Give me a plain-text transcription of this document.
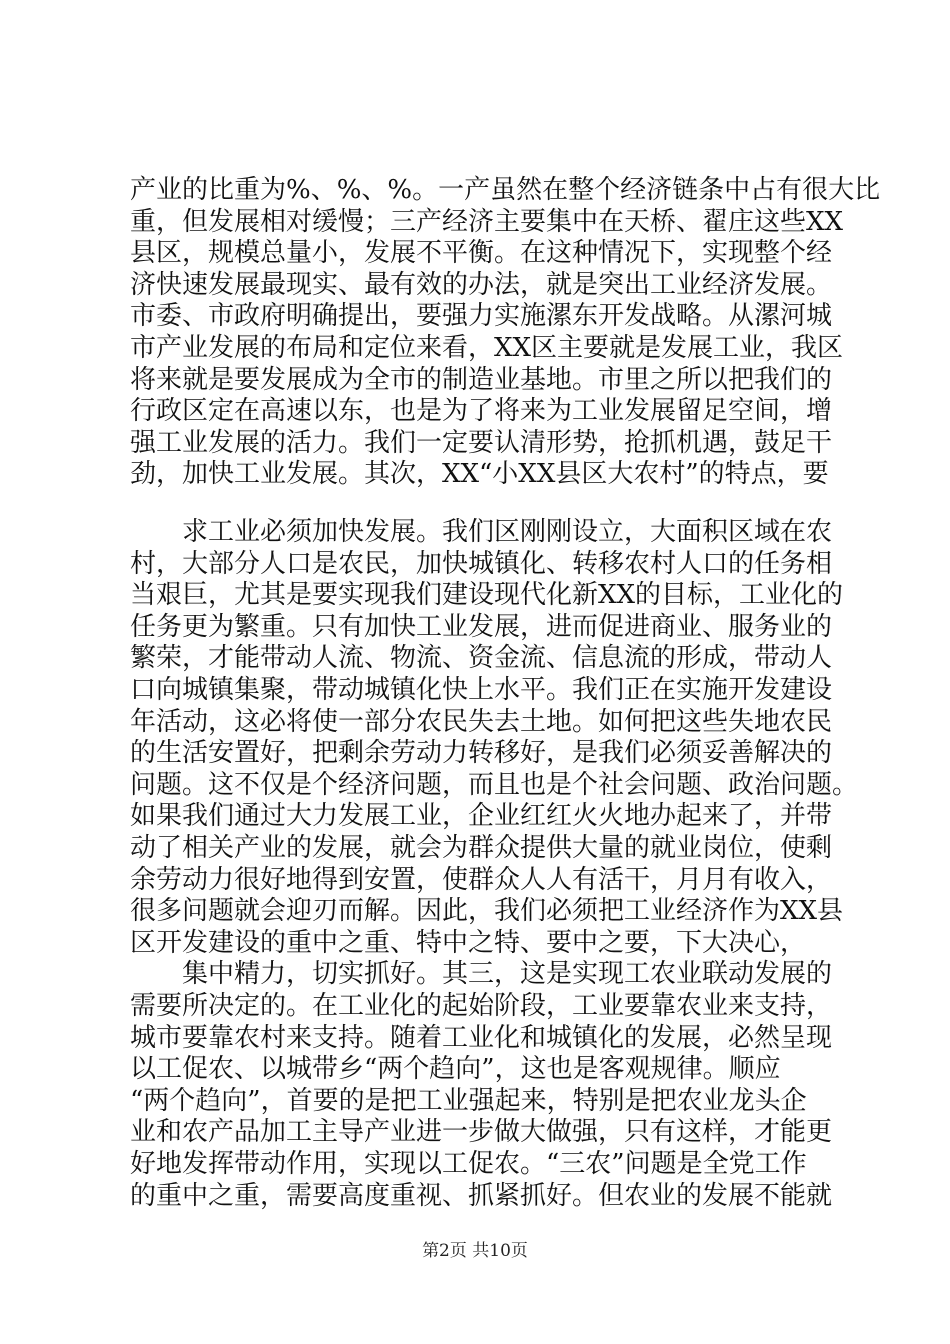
产业的比重为%、%、%。一产虽然在整个经济链条中占有很大比
重，但发展相对缓慢；三产经济主要集中在天桥、翟庄这些XX
县区，规模总量小，发展不平衡。在这种情况下，实现整个经
济快速发展最现实、最有效的办法，就是突出工业经济发展。
市委、市政府明确提出，要强力实施漯东开发战略。从漯河城
市产业发展的布局和定位来看，XX区主要就是发展工业，我区
将来就是要发展成为全市的制造业基地。市里之所以把我们的
行政区定在高速以东，也是为了将来为工业发展留足空间，增
强工业发展的活力。我们一定要认清形势，抢抓机遇，鼓足干
劲，加快工业发展。其次，XX“小XX县区大农村”的特点，要
求工业必须加快发展。我们区刚刚设立，大面积区域在农
村，大部分人口是农民，加快城镇化、转移农村人口的任务相
当艰巨，尤其是要实现我们建设现代化新XX的目标，工业化的
任务更为繁重。只有加快工业发展，进而促进商业、服务业的
繁荣，才能带动人流、物流、资金流、信息流的形成，带动人
口向城镇集聚，带动城镇化快上水平。我们正在实施开发建设
年活动，这必将使一部分农民失去土地。如何把这些失地农民
的生活安置好，把剩余劳动力转移好，是我们必须妥善解决的
问题。这不仅是个经济问题，而且也是个社会问题、政治问题。
如果我们通过大力发展工业，企业红红火火地办起来了，并带
动了相关产业的发展，就会为群众提供大量的就业岗位，使剩
余劳动力很好地得到安置，使群众人人有活干，月月有收入，
很多问题就会迎刃而解。因此，我们必须把工业经济作为XX县
区开发建设的重中之重、特中之特、要中之要，下大决心，
集中精力，切实抓好。其三，这是实现工农业联动发展的
需要所决定的。在工业化的起始阶段，工业要靠农业来支持，
城市要靠农村来支持。随着工业化和城镇化的发展，必然呈现
以工促农、以城带乡“两个趋向”，这也是客观规律。顺应
“两个趋向”，首要的是把工业强起来，特别是把农业龙头企
业和农产品加工主导产业进一步做大做强，只有这样，才能更
好地发挥带动作用，实现以工促农。“三农”问题是全党工作
的重中之重，需要高度重视、抓紧抓好。但农业的发展不能就
第2页 共10页
